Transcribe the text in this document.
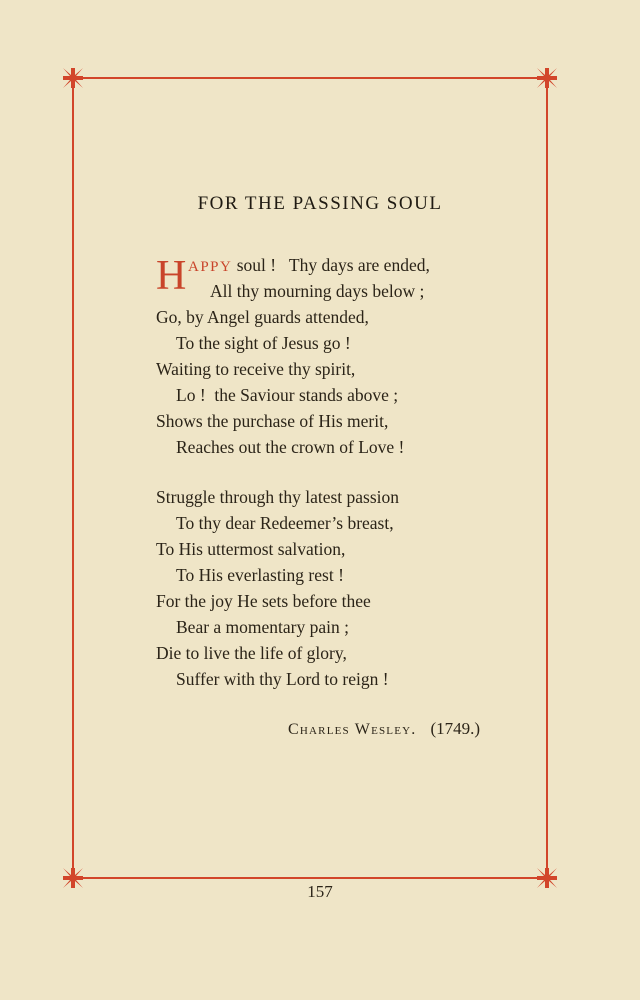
FOR THE PASSING SOUL
H APPY soul !   Thy days are ended,
All thy mourning days below ;
Go, by Angel guards attended,
To the sight of Jesus go !
Waiting to receive thy spirit,
Lo !  the Saviour stands above ;
Shows the purchase of His merit,
Reaches out the crown of Love !
Struggle through thy latest passion
To thy dear Redeemer’s breast,
To His uttermost salvation,
To His everlasting rest !
For the joy He sets before thee
Bear a momentary pain ;
Die to live the life of glory,
Suffer with thy Lord to reign !
Charles Wesley. (1749.)
157
